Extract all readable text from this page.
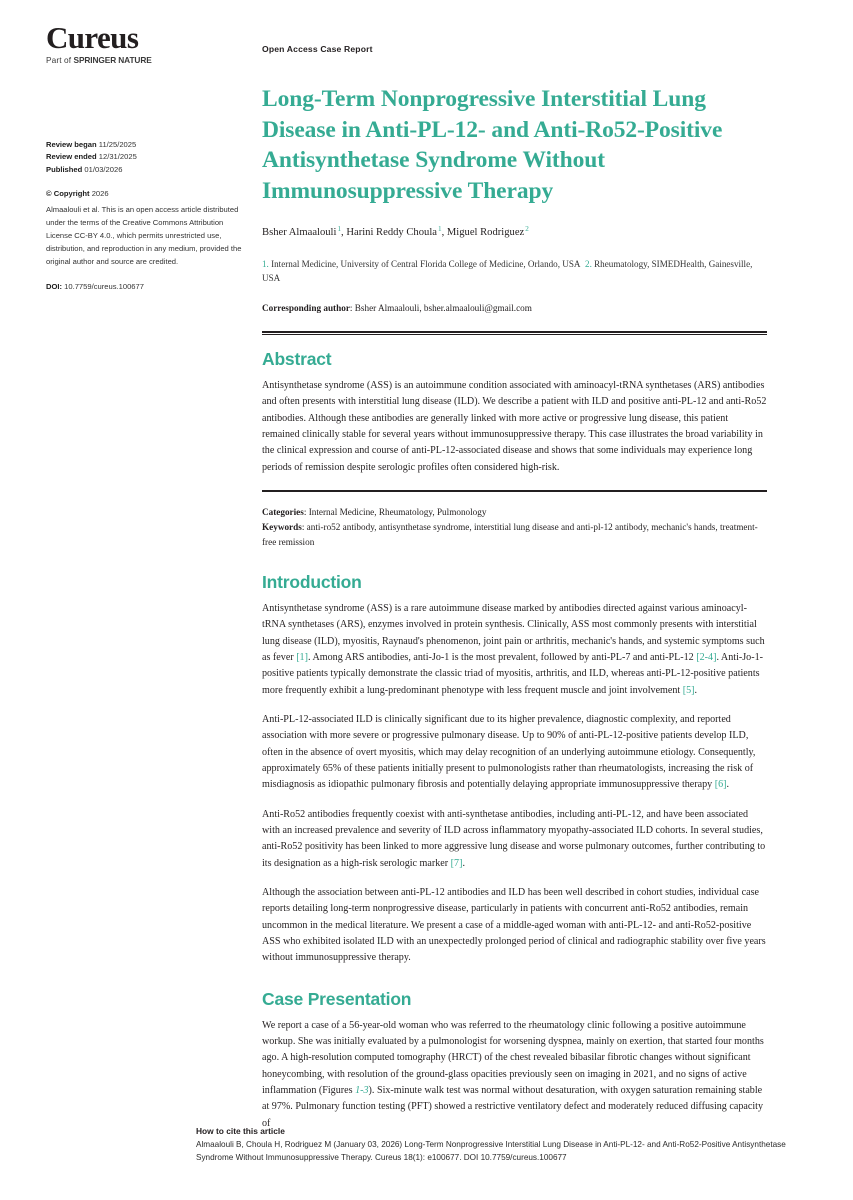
Cureus
Part of SPRINGER NATURE
Review began 11/25/2025
Review ended 12/31/2025
Published 01/03/2026
© Copyright 2026
Almaalouli et al. This is an open access article distributed under the terms of the Creative Commons Attribution License CC-BY 4.0., which permits unrestricted use, distribution, and reproduction in any medium, provided the original author and source are credited.
DOI: 10.7759/cureus.100677
Open Access Case Report
Long-Term Nonprogressive Interstitial Lung Disease in Anti-PL-12- and Anti-Ro52-Positive Antisynthetase Syndrome Without Immunosuppressive Therapy
Bsher Almaalouli$^1$, Harini Reddy Choula$^1$, Miguel Rodriguez$^2$
1. Internal Medicine, University of Central Florida College of Medicine, Orlando, USA 2. Rheumatology, SIMEDHealth, Gainesville, USA
Corresponding author: Bsher Almaalouli, bsher.almaalouli@gmail.com
Abstract

Antisynthetase syndrome (ASS) is an autoimmune condition associated with aminoacyl-tRNA synthetases (ARS) antibodies and often presents with interstitial lung disease (ILD). We describe a patient with ILD and positive anti-PL-12 and anti-Ro52 antibodies. Although these antibodies are generally linked with more active or progressive lung disease, this patient remained clinically stable for several years without immunosuppressive therapy. This case illustrates the broad variability in the clinical expression and course of anti-PL-12-associated disease and shows that some individuals may experience long periods of remission despite serologic profiles often considered high-risk.

Categories: Internal Medicine, Rheumatology, Pulmonology
Keywords: anti-ro52 antibody, antisynthetase syndrome, interstitial lung disease and anti-pl-12 antibody, mechanic's hands, treatment-free remission
Introduction

Antisynthetase syndrome (ASS) is a rare autoimmune disease marked by antibodies directed against various aminoacyl-tRNA synthetases (ARS), enzymes involved in protein synthesis. Clinically, ASS most commonly presents with interstitial lung disease (ILD), myositis, Raynaud's phenomenon, joint pain or arthritis, mechanic's hands, and systemic symptoms such as fever [1]. Among ARS antibodies, anti-Jo-1 is the most prevalent, followed by anti-PL-7 and anti-PL-12 [2-4]. Anti-Jo-1-positive patients typically demonstrate the classic triad of myositis, arthritis, and ILD, whereas anti-PL-12-positive patients more frequently exhibit a lung-predominant phenotype with less frequent muscle and joint involvement [5].

Anti-PL-12-associated ILD is clinically significant due to its higher prevalence, diagnostic complexity, and reported association with more severe or progressive pulmonary disease. Up to 90% of anti-PL-12-positive patients develop ILD, often in the absence of overt myositis, which may delay recognition of an underlying autoimmune etiology. Consequently, approximately 65% of these patients initially present to pulmonologists rather than rheumatologists, increasing the risk of misdiagnosis as idiopathic pulmonary fibrosis and potentially delaying appropriate immunosuppressive therapy [6].

Anti-Ro52 antibodies frequently coexist with anti-synthetase antibodies, including anti-PL-12, and have been associated with an increased prevalence and severity of ILD across inflammatory myopathy-associated ILD cohorts. In several studies, anti-Ro52 positivity has been linked to more aggressive lung disease and worse pulmonary outcomes, further contributing to its designation as a high-risk serologic marker [7].

Although the association between anti-PL-12 antibodies and ILD has been well described in cohort studies, individual case reports detailing long-term nonprogressive disease, particularly in patients with concurrent anti-Ro52 antibodies, remain uncommon in the medical literature. We present a case of a middle-aged woman with anti-PL-12- and anti-Ro52-positive ASS who exhibited isolated ILD with an unexpectedly prolonged period of clinical and radiographic stability over five years without immunosuppressive therapy.

Case Presentation

We report a case of a 56-year-old woman who was referred to the rheumatology clinic following a positive autoimmune workup. She was initially evaluated by a pulmonologist for worsening dyspnea, mainly on exertion, that started four months ago. A high-resolution computed tomography (HRCT) of the chest revealed bibasilar fibrotic changes without significant honeycombing, with resolution of the ground-glass opacities previously seen on imaging in 2021, and no signs of active inflammation (Figures 1-3). Six-minute walk test was normal without desaturation, with oxygen saturation remaining stable at 97%. Pulmonary function testing (PFT) showed a restrictive ventilatory defect and moderately reduced diffusing capacity of

How to cite this article
Almaalouli B, Choula H, Rodriguez M (January 03, 2026) Long-Term Nonprogressive Interstitial Lung Disease in Anti-PL-12- and Anti-Ro52-Positive Antisynthetase Syndrome Without Immunosuppressive Therapy. Cureus 18(1): e100677. DOI 10.7759/cureus.100677
